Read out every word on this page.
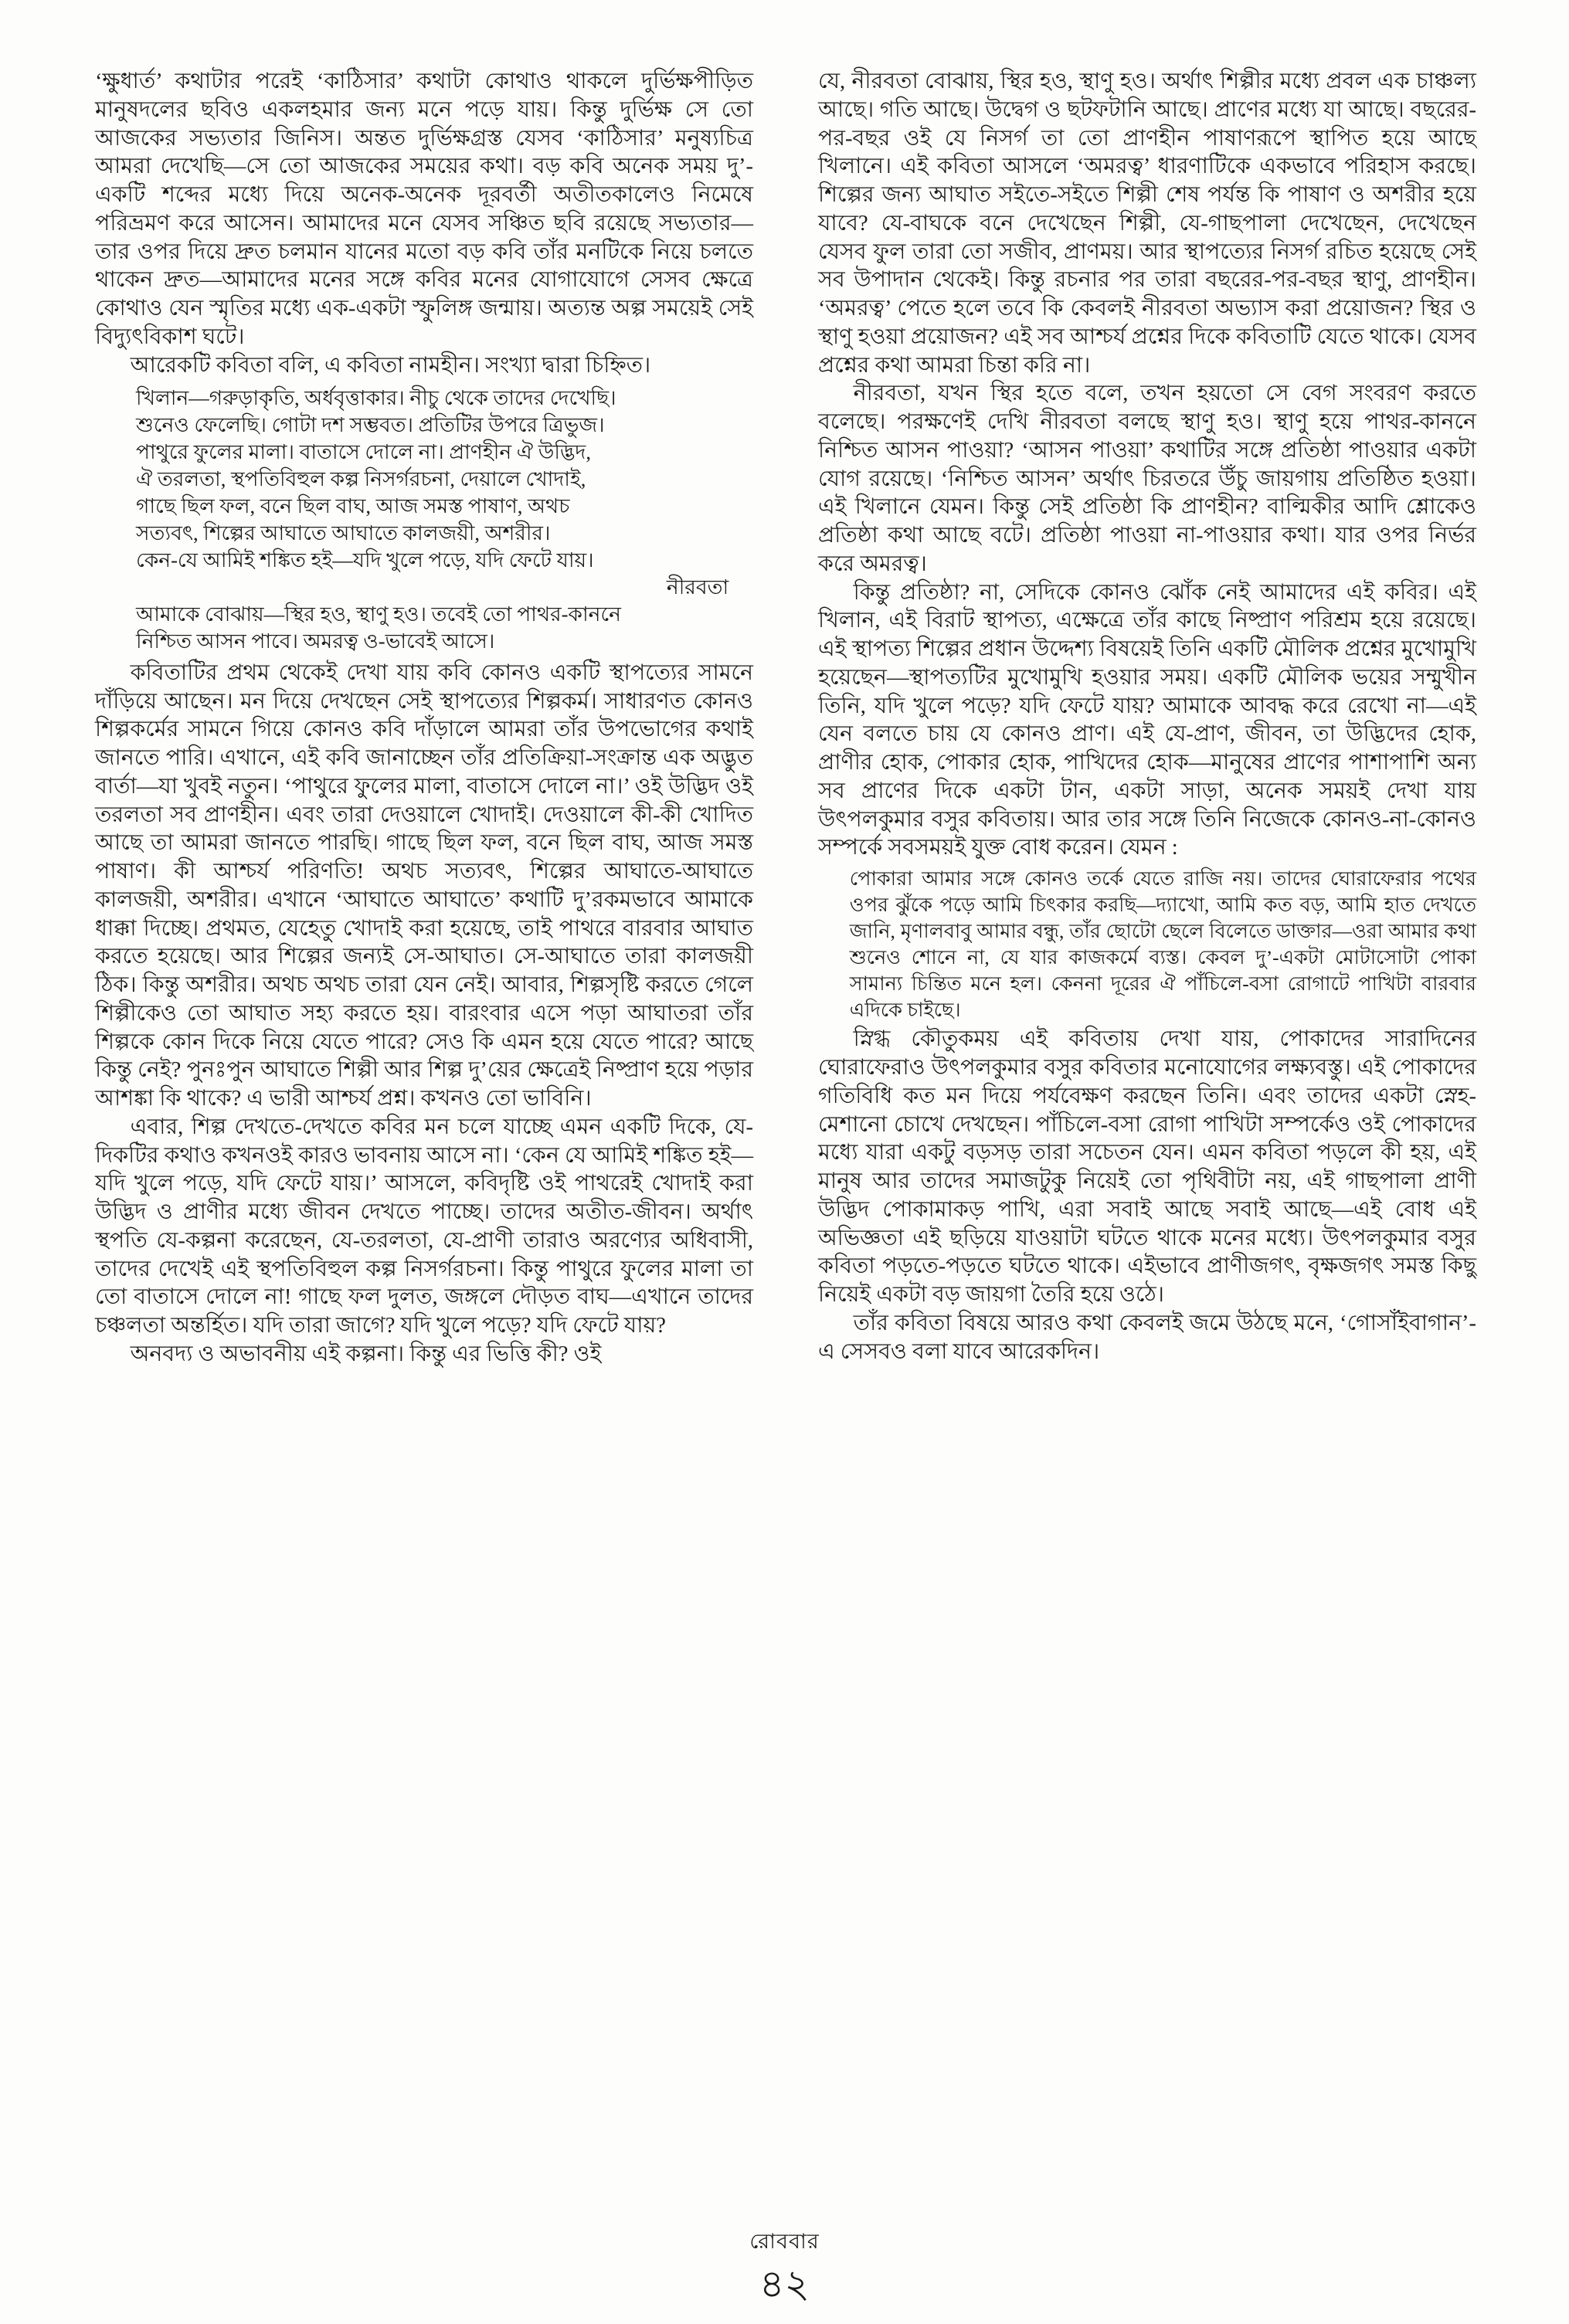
‘ক্ষুধার্ত’ কথাটার পরেই ‘কাঠিসার’ কথাটা কোথাও থাকলে দুর্ভিক্ষপীড়িত মানুষদলের ছবিও একলহমার জন্য মনে পড়ে যায়। কিন্তু দুর্ভিক্ষ সে তো আজকের সভ্যতার জিনিস। অন্তত দুর্ভিক্ষগ্রস্ত যেসব ‘কাঠিসার’ মনুষ্যচিত্র আমরা দেখেছি—সে তো আজকের সময়ের কথা। বড় কবি অনেক সময় দু’-একটি শব্দের মধ্যে দিয়ে অনেক-অনেক দূরবর্তী অতীতকালেও নিমেষে পরিভ্রমণ করে আসেন। আমাদের মনে যেসব সঞ্চিত ছবি রয়েছে সভ্যতার—তার ওপর দিয়ে দ্রুত চলমান যানের মতো বড় কবি তাঁর মনটিকে নিয়ে চলতে থাকেন দ্রুত—আমাদের মনের সঙ্গে কবির মনের যোগাযোগে সেসব ক্ষেত্রে কোথাও যেন স্মৃতির মধ্যে এক-একটা স্ফুলিঙ্গ জন্মায়। অত্যন্ত অল্প সময়েই সেই বিদ্যুৎবিকাশ ঘটে।

আরেকটি কবিতা বলি, এ কবিতা নামহীন। সংখ্যা দ্বারা চিহ্নিত।

খিলান—গরুড়াকৃতি, অর্ধবৃত্তাকার। নীচু থেকে তাদের দেখেছি।
শুনেও ফেলেছি। গোটা দশ সম্ভবত। প্রতিটির উপরে ত্রিভুজ।
পাথুরে ফুলের মালা। বাতাসে দোলে না। প্রাণহীন ঐ উদ্ভিদ,
ঐ তরলতা, স্থপতিবিহুল কল্প নিসর্গরচনা, দেয়ালে খোদাই,
গাছে ছিল ফল, বনে ছিল বাঘ, আজ সমস্ত পাষাণ, অথচ
সত্যবৎ, শিল্পের আঘাতে আঘাতে কালজয়ী, অশরীর।
কেন-যে আমিই শঙ্কিত হই—যদি খুলে পড়ে, যদি ফেটে যায়।
নীরবতা
আমাকে বোঝায়—স্থির হও, স্থাণু হও। তবেই তো পাথর-কাননে
নিশ্চিত আসন পাবে। অমরত্ব ও-ভাবেই আসে।

কবিতাটির প্রথম থেকেই দেখা যায় কবি কোনও একটি স্থাপত্যের সামনে দাঁড়িয়ে আছেন। মন দিয়ে দেখছেন সেই স্থাপত্যের শিল্পকর্ম। সাধারণত কোনও শিল্পকর্মের সামনে গিয়ে কোনও কবি দাঁড়ালে আমরা তাঁর উপভোগের কথাই জানতে পারি। এখানে, এই কবি জানাচ্ছেন তাঁর প্রতিক্রিয়া-সংক্রান্ত এক অদ্ভুত বার্তা—যা খুবই নতুন। ‘পাথুরে ফুলের মালা, বাতাসে দোলে না।’ ওই উদ্ভিদ ওই তরলতা সব প্রাণহীন। এবং তারা দেওয়ালে খোদাই। দেওয়ালে কী-কী খোদিত আছে তা আমরা জানতে পারছি। গাছে ছিল ফল, বনে ছিল বাঘ, আজ সমস্ত পাষাণ। কী আশ্চর্য পরিণতি! অথচ সত্যবৎ, শিল্পের আঘাতে-আঘাতে কালজয়ী, অশরীর। এখানে ‘আঘাতে আঘাতে’ কথাটি দু’রকমভাবে আমাকে ধাক্কা দিচ্ছে। প্রথমত, যেহেতু খোদাই করা হয়েছে, তাই পাথরে বারবার আঘাত করতে হয়েছে। আর শিল্পের জন্যই সে-আঘাত। সে-আঘাতে তারা কালজয়ী ঠিক। কিন্তু অশরীর। অথচ অথচ তারা যেন নেই। আবার, শিল্পসৃষ্টি করতে গেলে শিল্পীকেও তো আঘাত সহ্য করতে হয়। বারংবার এসে পড়া আঘাতরা তাঁর শিল্পকে কোন দিকে নিয়ে যেতে পারে? সেও কি এমন হয়ে যেতে পারে? আছে কিন্তু নেই? পুনঃপুন আঘাতে শিল্পী আর শিল্প দু’য়ের ক্ষেত্রেই নিষ্প্রাণ হয়ে পড়ার আশঙ্কা কি থাকে? এ ভারী আশ্চর্য প্রশ্ন। কখনও তো ভাবিনি।

এবার, শিল্প দেখতে-দেখতে কবির মন চলে যাচ্ছে এমন একটি দিকে, যে-দিকটির কথাও কখনওই কারও ভাবনায় আসে না। ‘কেন যে আমিই শঙ্কিত হই—যদি খুলে পড়ে, যদি ফেটে যায়।’ আসলে, কবিদৃষ্টি ওই পাথরেই খোদাই করা উদ্ভিদ ও প্রাণীর মধ্যে জীবন দেখতে পাচ্ছে। তাদের অতীত-জীবন। অর্থাৎ স্থপতি যে-কল্পনা করেছেন, যে-তরলতা, যে-প্রাণী তারাও অরণ্যের অধিবাসী, তাদের দেখেই এই স্থপতিবিহুল কল্প নিসর্গরচনা। কিন্তু পাথুরে ফুলের মালা তা তো বাতাসে দোলে না! গাছে ফল দুলত, জঙ্গলে দৌড়ত বাঘ—এখানে তাদের চঞ্চলতা অন্তর্হিত। যদি তারা জাগে? যদি খুলে পড়ে? যদি ফেটে যায়?

অনবদ্য ও অভাবনীয় এই কল্পনা। কিন্তু এর ভিত্তি কী? ওই

যে, নীরবতা বোঝায়, স্থির হও, স্থাণু হও। অর্থাৎ শিল্পীর মধ্যে প্রবল এক চাঞ্চল্য আছে। গতি আছে। উদ্বেগ ও ছটফটানি আছে। প্রাণের মধ্যে যা আছে। বছরের-পর-বছর ওই যে নিসর্গ তা তো প্রাণহীন পাষাণরূপে স্থাপিত হয়ে আছে খিলানে। এই কবিতা আসলে ‘অমরত্ব’ ধারণাটিকে একভাবে পরিহাস করছে। শিল্পের জন্য আঘাত সইতে-সইতে শিল্পী শেষ পর্যন্ত কি পাষাণ ও অশরীর হয়ে যাবে? যে-বাঘকে বনে দেখেছেন শিল্পী, যে-গাছপালা দেখেছেন, দেখেছেন যেসব ফুল তারা তো সজীব, প্রাণময়। আর স্থাপত্যের নিসর্গ রচিত হয়েছে সেই সব উপাদান থেকেই। কিন্তু রচনার পর তারা বছরের-পর-বছর স্থাণু, প্রাণহীন। ‘অমরত্ব’ পেতে হলে তবে কি কেবলই নীরবতা অভ্যাস করা প্রয়োজন? স্থির ও স্থাণু হওয়া প্রয়োজন? এই সব আশ্চর্য প্রশ্নের দিকে কবিতাটি যেতে থাকে। যেসব প্রশ্নের কথা আমরা চিন্তা করি না।

নীরবতা, যখন স্থির হতে বলে, তখন হয়তো সে বেগ সংবরণ করতে বলেছে। পরক্ষণেই দেখি নীরবতা বলছে স্থাণু হও। স্থাণু হয়ে পাথর-কাননে নিশ্চিত আসন পাওয়া? ‘আসন পাওয়া’ কথাটির সঙ্গে প্রতিষ্ঠা পাওয়ার একটা যোগ রয়েছে। ‘নিশ্চিত আসন’ অর্থাৎ চিরতরে উঁচু জায়গায় প্রতিষ্ঠিত হওয়া। এই খিলানে যেমন। কিন্তু সেই প্রতিষ্ঠা কি প্রাণহীন? বাল্মিকীর আদি শ্লোকেও প্রতিষ্ঠা কথা আছে বটে। প্রতিষ্ঠা পাওয়া না-পাওয়ার কথা। যার ওপর নির্ভর করে অমরত্ব।

কিন্তু প্রতিষ্ঠা? না, সেদিকে কোনও ঝোঁক নেই আমাদের এই কবির। এই খিলান, এই বিরাট স্থাপত্য, এক্ষেত্রে তাঁর কাছে নিষ্প্রাণ পরিশ্রম হয়ে রয়েছে। এই স্থাপত্য শিল্পের প্রধান উদ্দেশ্য বিষয়েই তিনি একটি মৌলিক প্রশ্নের মুখোমুখি হয়েছেন—স্থাপত্যটির মুখোমুখি হওয়ার সময়। একটি মৌলিক ভয়ের সম্মুখীন তিনি, যদি খুলে পড়ে? যদি ফেটে যায়? আমাকে আবদ্ধ করে রেখো না—এই যেন বলতে চায় যে কোনও প্রাণ। এই যে-প্রাণ, জীবন, তা উদ্ভিদের হোক, প্রাণীর হোক, পোকার হোক, পাখিদের হোক—মানুষের প্রাণের পাশাপাশি অন্য সব প্রাণের দিকে একটা টান, একটা সাড়া, অনেক সময়ই দেখা যায় উৎপলকুমার বসুর কবিতায়। আর তার সঙ্গে তিনি নিজেকে কোনও-না-কোনও সম্পর্কে সবসময়ই যুক্ত বোধ করেন। যেমন :

পোকারা আমার সঙ্গে কোনও তর্কে যেতে রাজি নয়। তাদের ঘোরাফেরার পথের ওপর ঝুঁকে পড়ে আমি চিৎকার করছি—দ্যাখো, আমি কত বড়, আমি হাত দেখতে জানি, মৃণালবাবু আমার বন্ধু, তাঁর ছোটো ছেলে বিলেতে ডাক্তার—ওরা আমার কথা শুনেও শোনে না, যে যার কাজকর্মে ব্যস্ত। কেবল দু’-একটা মোটাসোটা পোকা সামান্য চিন্তিত মনে হল। কেননা দূরের ঐ পাঁচিলে-বসা রোগাটে পাখিটা বারবার এদিকে চাইছে।

স্নিগ্ধ কৌতুকময় এই কবিতায় দেখা যায়, পোকাদের সারাদিনের ঘোরাফেরাও উৎপলকুমার বসুর কবিতার মনোযোগের লক্ষ্যবস্তু। এই পোকাদের গতিবিধি কত মন দিয়ে পর্যবেক্ষণ করছেন তিনি। এবং তাদের একটা স্নেহ-মেশানো চোখে দেখছেন। পাঁচিলে-বসা রোগা পাখিটা সম্পর্কেও ওই পোকাদের মধ্যে যারা একটু বড়সড় তারা সচেতন যেন। এমন কবিতা পড়লে কী হয়, এই মানুষ আর তাদের সমাজটুকু নিয়েই তো পৃথিবীটা নয়, এই গাছপালা প্রাণী উদ্ভিদ পোকামাকড় পাখি, এরা সবাই আছে সবাই আছে—এই বোধ এই অভিজ্ঞতা এই ছড়িয়ে যাওয়াটা ঘটতে থাকে মনের মধ্যে। উৎপলকুমার বসুর কবিতা পড়তে-পড়তে ঘটতে থাকে। এইভাবে প্রাণীজগৎ, বৃক্ষজগৎ সমস্ত কিছু নিয়েই একটা বড় জায়গা তৈরি হয়ে ওঠে।

তাঁর কবিতা বিষয়ে আরও কথা কেবলই জমে উঠছে মনে, ‘গোসাঁইবাগান’-এ সেসবও বলা যাবে আরেকদিন।

রোববার
৪২
